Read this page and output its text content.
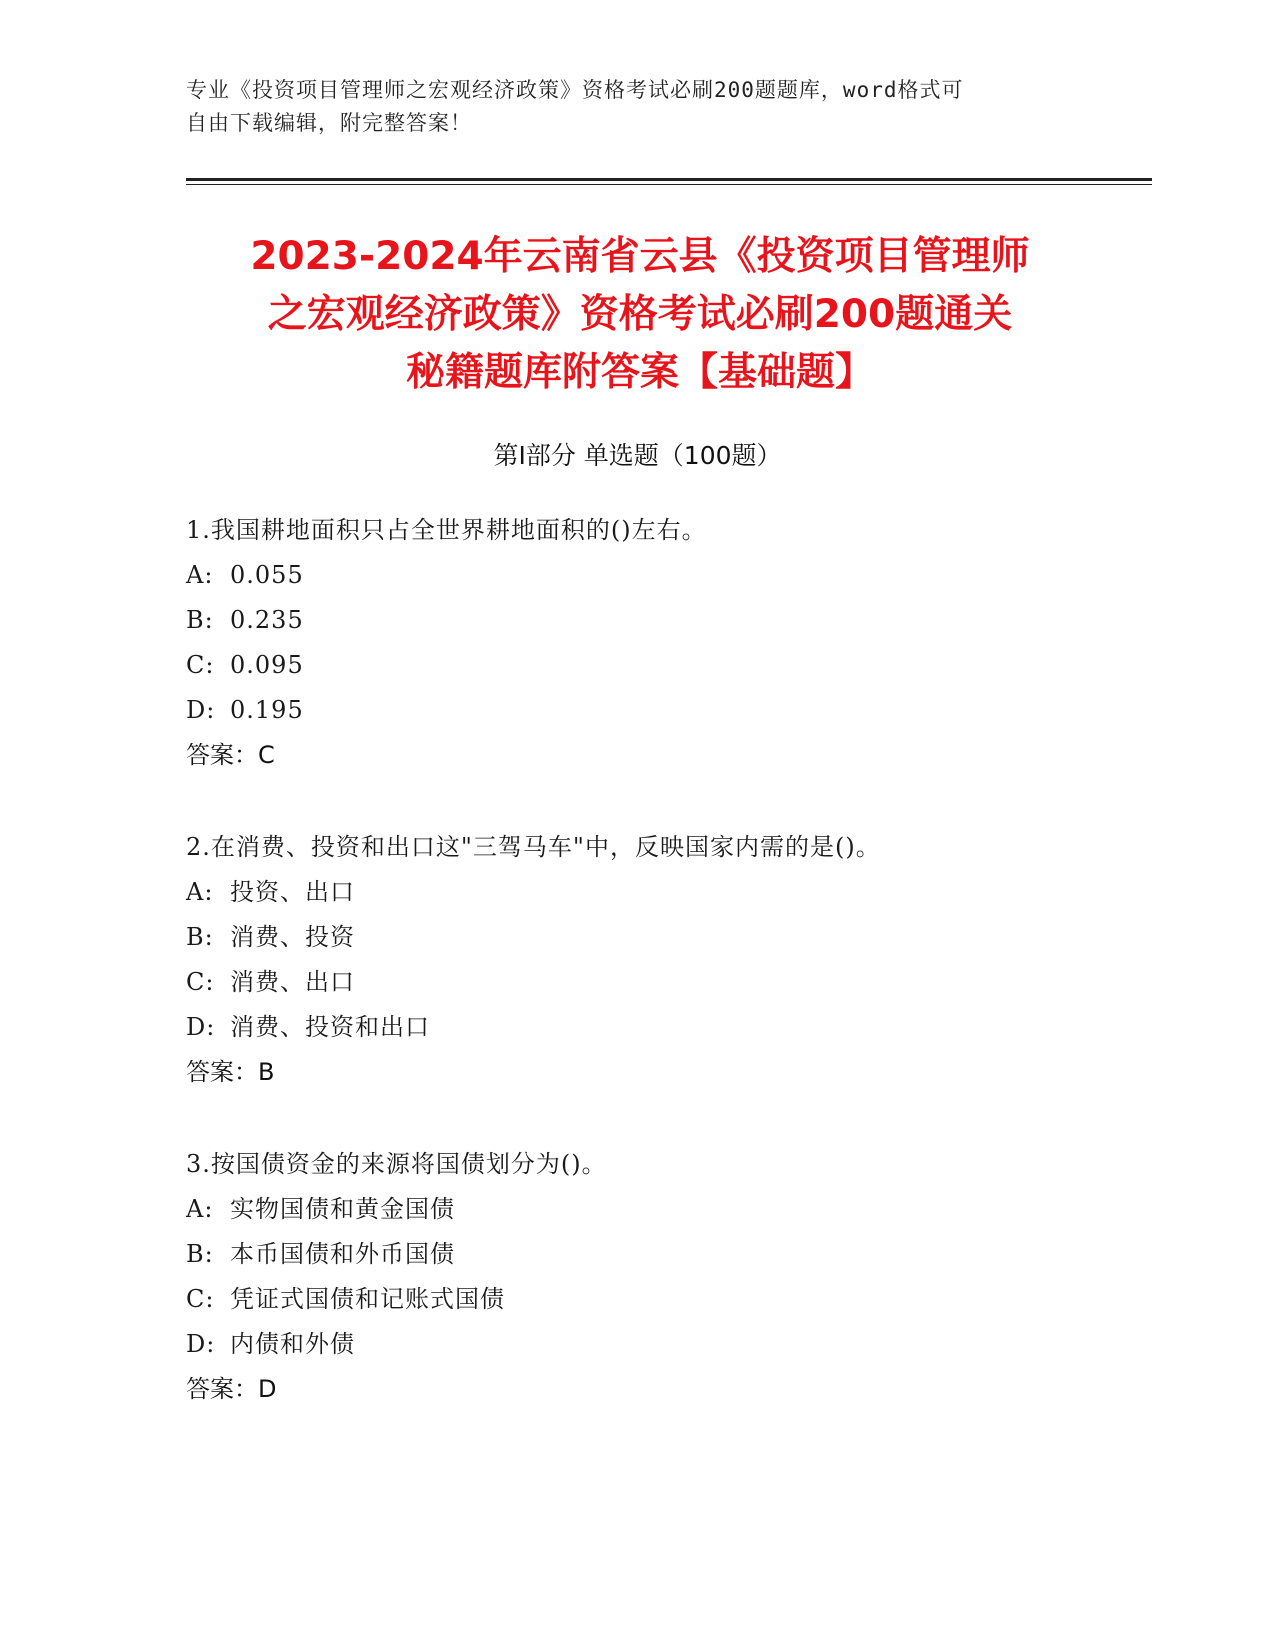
专业《投资项目管理师之宏观经济政策》资格考试必刷200题题库，word格式可
自由下载编辑，附完整答案！
2023-2024年云南省云县《投资项目管理师
之宏观经济政策》资格考试必刷200题通关
秘籍题库附答案【基础题】
第Ⅰ部分 单选题（100题）
1.我国耕地面积只占全世界耕地面积的()左右。
A: 0.055
B: 0.235
C: 0.095
D: 0.195
答案：C
2.在消费、投资和出口这"三驾马车"中，反映国家内需的是()。
A: 投资、出口
B: 消费、投资
C: 消费、出口
D: 消费、投资和出口
答案：B
3.按国债资金的来源将国债划分为()。
A: 实物国债和黄金国债
B: 本币国债和外币国债
C: 凭证式国债和记账式国债
D: 内债和外债
答案：D
